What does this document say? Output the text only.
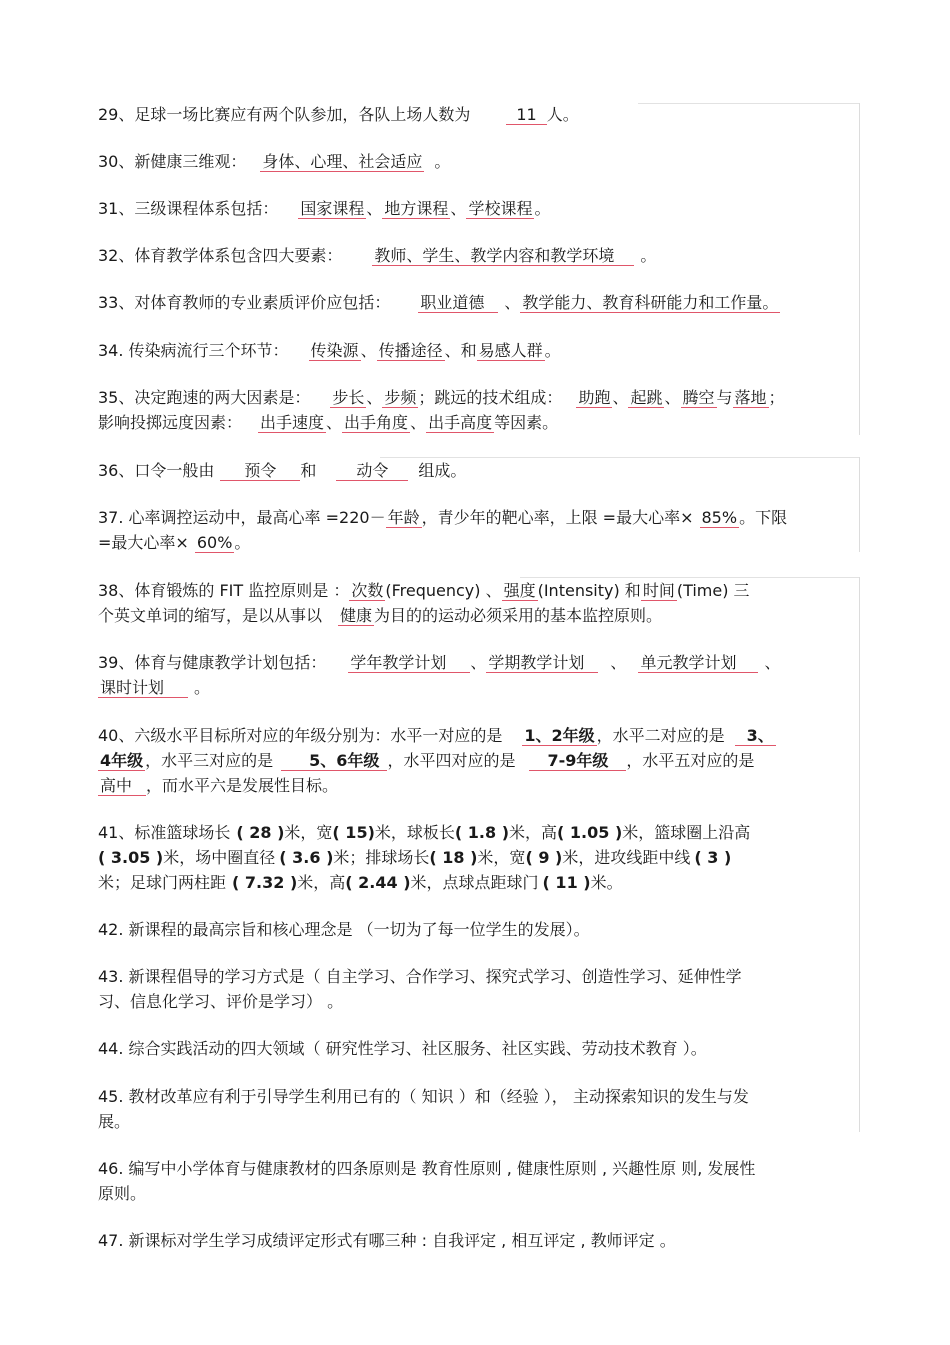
29、足球一场比赛应有两个队参加，各队上场人数为	11 人。
30、新健康三维观： 身体、心理、社会适应 。
31、三级课程体系包括： 国家课程 、 地方课程 、 学校课程 。
32、体育教学体系包含四大要素： 教师、学生、教学内容和教学环境 。
33、对体育教师的专业素质评价应包括： 职业道德 、 教学能力、教育科研能力和工作量。
34. 传染病流行三个环节： 传染源 、 传播途径 、和 易感人群 。
35、决定跑速的两大因素是： 步长 、 步频 ；跳远的技术组成： 助跑 、 起跳 、 腾空 与 落地 ；
影响投掷远度因素： 出手速度 、 出手角度 、 出手高度 等因素。
36、口令一般由 预令 和	动令 组成。
37. 心率调控运动中，最高心率 =220－ 年龄 ，青少年的靶心率，上限 =最大心率× 85% 。下限
=最大心率× 60% 。
38、体育锻炼的 FIT 监控原则是 ： 次数 (Frequency) 、 强度 (Intensity) 和 时间 (Time) 三
个英文单词的缩写，是以从事以 健康 为目的的运动必须采用的基本监控原则。
39、体育与健康教学计划包括： 学年教学计划 、 学期教学计划 、 单元教学计划 、
课时计划 。
40、六级水平目标所对应的年级分别为：水平一对应的是 1、2年级 ，水平二对应的是 3、
4年级 ，水平三对应的是 5、6年级 ，水平四对应的是 7-9年级 ，水平五对应的是
高中 ，而水平六是发展性目标。
41、标准篮球场长 ( 28 )米，宽( 15)米，球板长( 1.8 )米，高( 1.05 )米，篮球圈上沿高
( 3.05 )米，场中圈直径 ( 3.6 )米；排球场长( 18 )米，宽( 9 )米，进攻线距中线 ( 3 )
米；足球门两柱距 ( 7.32 )米，高( 2.44 )米，点球点距球门 ( 11 )米。
42. 新课程的最高宗旨和核心理念是 （一切为了每一位学生的发展）。
43. 新课程倡导的学习方式是（ 自主学习、合作学习、探究式学习、创造性学习、延伸性学
习、信息化学习、评价是学习） 。
44. 综合实践活动的四大领域（ 研究性学习、社区服务、社区实践、劳动技术教育 ）。
45. 教材改革应有利于引导学生利用已有的（ 知识 ）和（经验 ）， 主动探索知识的发生与发
展。
46. 编写中小学体育与健康教材的四条原则是 教育性原则 , 健康性原则 , 兴趣性原 则, 发展性
原则。
47. 新课标对学生学习成绩评定形式有哪三种 : 自我评定 , 相互评定 , 教师评定 。
